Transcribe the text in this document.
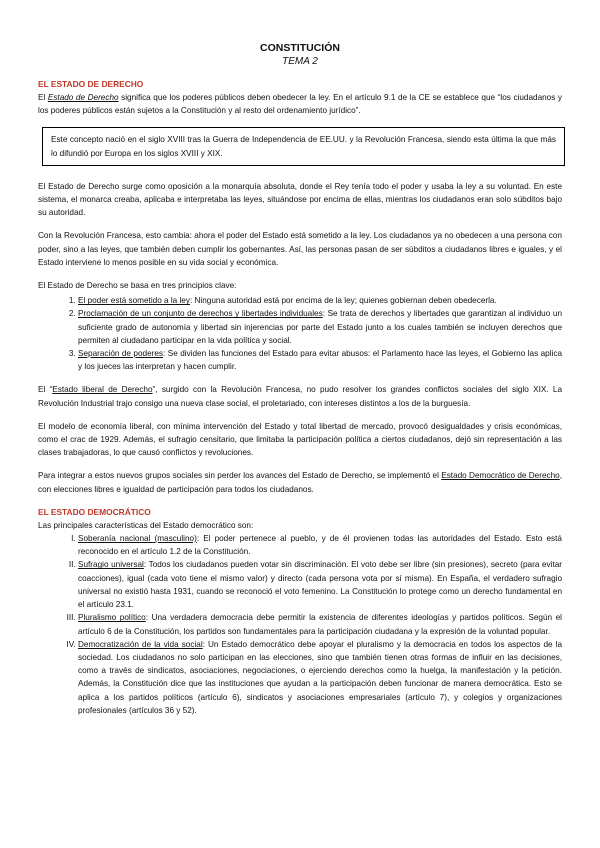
CONSTITUCIÓN
TEMA 2
EL ESTADO DE DERECHO

El Estado de Derecho significa que los poderes públicos deben obedecer la ley. En el artículo 9.1 de la CE se establece que “los ciudadanos y los poderes públicos están sujetos a la Constitución y al resto del ordenamiento jurídico”.

Este concepto nació en el siglo XVIII tras la Guerra de Independencia de EE.UU. y la Revolución Francesa, siendo esta última la que más lo difundió por Europa en los siglos XVIII y XIX.

El Estado de Derecho surge como oposición a la monarquía absoluta, donde el Rey tenía todo el poder y usaba la ley a su voluntad. En este sistema, el monarca creaba, aplicaba e interpretaba las leyes, situándose por encima de ellas, mientras los ciudadanos eran solo súbditos bajo su autoridad.

Con la Revolución Francesa, esto cambia: ahora el poder del Estado está sometido a la ley. Los ciudadanos ya no obedecen a una persona con poder, sino a las leyes, que también deben cumplir los gobernantes. Así, las personas pasan de ser súbditos a ciudadanos libres e iguales, y el Estado interviene lo menos posible en su vida social y económica.

El Estado de Derecho se basa en tres principios clave:

1. El poder está sometido a la ley: Ninguna autoridad está por encima de la ley; quienes gobiernan deben obedecerla.
2. Proclamación de un conjunto de derechos y libertades individuales: Se trata de derechos y libertades que garantizan al individuo un suficiente grado de autonomía y libertad sin injerencias por parte del Estado junto a los cuales también se incluyen derechos que permiten al ciudadano participar en la vida política y social.
3. Separación de poderes: Se dividen las funciones del Estado para evitar abusos: el Parlamento hace las leyes, el Gobierno las aplica y los jueces las interpretan y hacen cumplir.

El “Estado liberal de Derecho”, surgido con la Revolución Francesa, no pudo resolver los grandes conflictos sociales del siglo XIX. La Revolución Industrial trajo consigo una nueva clase social, el proletariado, con intereses distintos a los de la burguesía.

El modelo de economía liberal, con mínima intervención del Estado y total libertad de mercado, provocó desigualdades y crisis económicas, como el crac de 1929. Además, el sufragio censitario, que limitaba la participación política a ciertos ciudadanos, dejó sin representación a las clases trabajadoras, lo que causó conflictos y revoluciones.

Para integrar a estos nuevos grupos sociales sin perder los avances del Estado de Derecho, se implementó el Estado Democrático de Derecho, con elecciones libres e igualdad de participación para todos los ciudadanos.

EL ESTADO DEMOCRÁTICO

Las principales características del Estado democrático son:

I. Soberanía nacional (masculino): El poder pertenece al pueblo, y de él provienen todas las autoridades del Estado. Esto está reconocido en el artículo 1.2 de la Constitución.
II. Sufragio universal: Todos los ciudadanos pueden votar sin discriminación. El voto debe ser libre (sin presiones), secreto (para evitar coacciones), igual (cada voto tiene el mismo valor) y directo (cada persona vota por sí misma). En España, el verdadero sufragio universal no existió hasta 1931, cuando se reconoció el voto femenino. La Constitución lo protege como un derecho fundamental en el artículo 23.1.
III. Pluralismo político: Una verdadera democracia debe permitir la existencia de diferentes ideologías y partidos políticos. Según el artículo 6 de la Constitución, los partidos son fundamentales para la participación ciudadana y la expresión de la voluntad popular.
IV. Democratización de la vida social: Un Estado democrático debe apoyar el pluralismo y la democracia en todos los aspectos de la sociedad. Los ciudadanos no solo participan en las elecciones, sino que también tienen otras formas de influir en las decisiones, como a través de sindicatos, asociaciones, negociaciones, o ejerciendo derechos como la huelga, la manifestación y la petición. Además, la Constitución dice que las instituciones que ayudan a la participación deben funcionar de manera democrática. Esto se aplica a los partidos políticos (artículo 6), sindicatos y asociaciones empresariales (artículo 7), y colegios y organizaciones profesionales (artículos 36 y 52).
